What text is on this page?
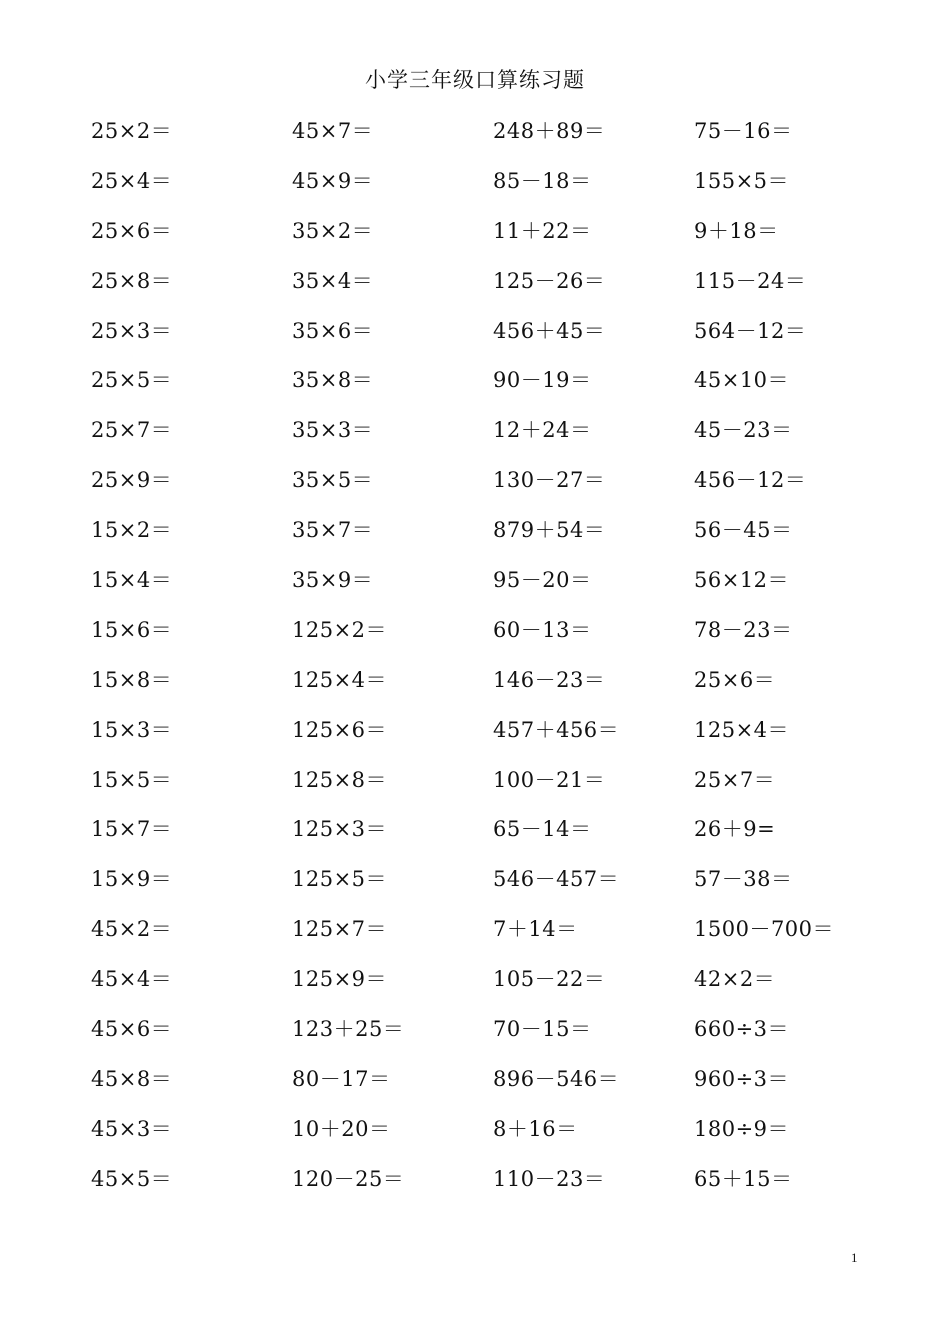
小学三年级口算练习题
25×2＝	45×7＝	248＋89＝	75－16＝
25×4＝	45×9＝	85－18＝	155×5＝
25×6＝	35×2＝	11＋22＝	9＋18＝
25×8＝	35×4＝	125－26＝	115－24＝
25×3＝	35×6＝	456＋45＝	564－12＝
25×5＝	35×8＝	90－19＝	45×10＝
25×7＝	35×3＝	12＋24＝	45－23＝
25×9＝	35×5＝	130－27＝	456－12＝
15×2＝	35×7＝	879＋54＝	56－45＝
15×4＝	35×9＝	95－20＝	56×12＝
15×6＝	125×2＝	60－13＝	78－23＝
15×8＝	125×4＝	146－23＝	25×6＝
15×3＝	125×6＝	457＋456＝	125×4＝
15×5＝	125×8＝	100－21＝	25×7＝
15×7＝	125×3＝	65－14＝	26＋9=
15×9＝	125×5＝	546－457＝	57－38＝
45×2＝	125×7＝	7＋14＝	1500－700＝
45×4＝	125×9＝	105－22＝	42×2＝
45×6＝	123＋25＝	70－15＝	660÷3＝
45×8＝	80－17＝	896－546＝	960÷3＝
45×3＝	10＋20＝	8＋16＝	180÷9＝
45×5＝	120－25＝	110－23＝	65＋15＝
1
